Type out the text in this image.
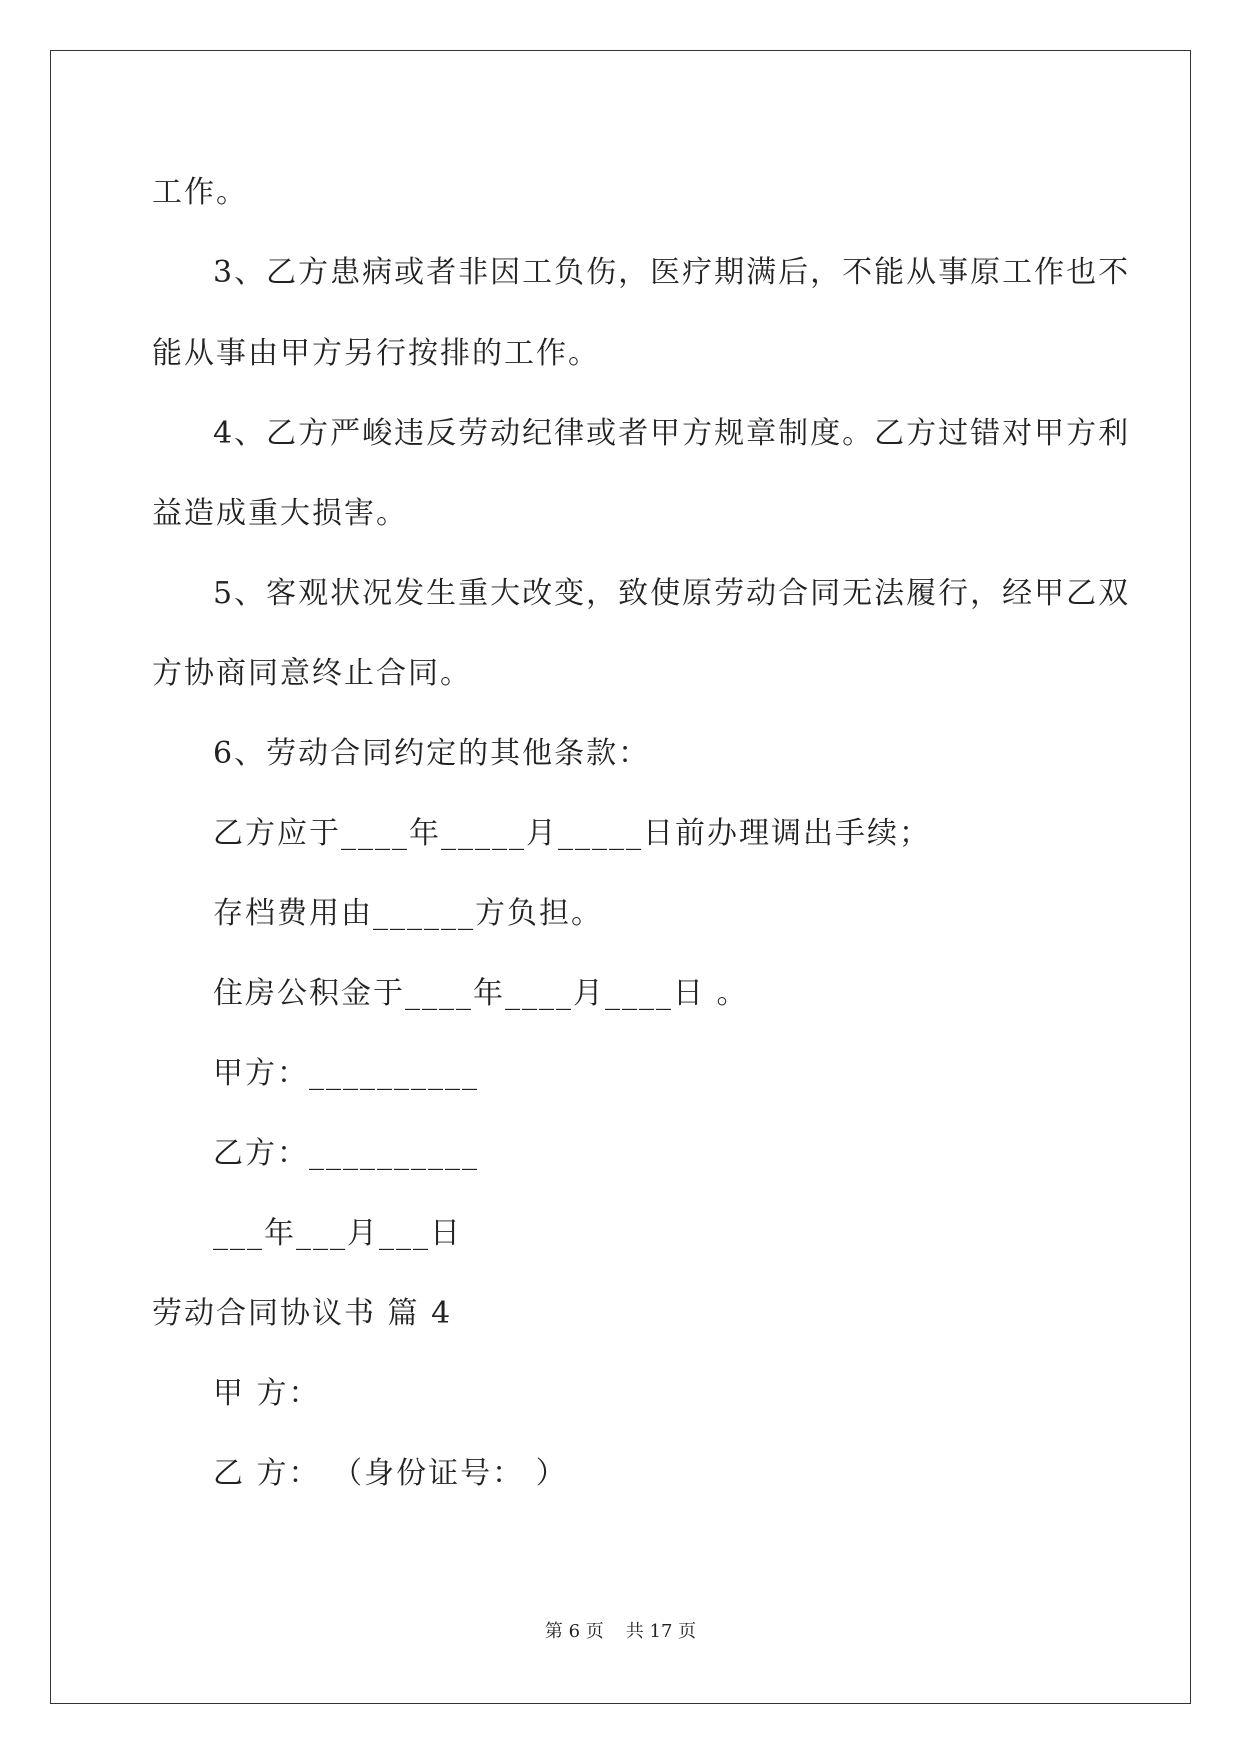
工作。

3、乙方患病或者非因工负伤，医疗期满后，不能从事原工作也不

能从事由甲方另行按排的工作。

4、乙方严峻违反劳动纪律或者甲方规章制度。乙方过错对甲方利

益造成重大损害。

5、客观状况发生重大改变，致使原劳动合同无法履行，经甲乙双

方协商同意终止合同。

6、劳动合同约定的其他条款：

乙方应于____年_____月_____日前办理调出手续；

存档费用由______方负担。

住房公积金于____年____月____日 。

甲方：__________

乙方：__________

___年___月___日

劳动合同协议书 篇 4

甲 方：

乙 方： （身份证号： ）

第 6 页 共 17 页
